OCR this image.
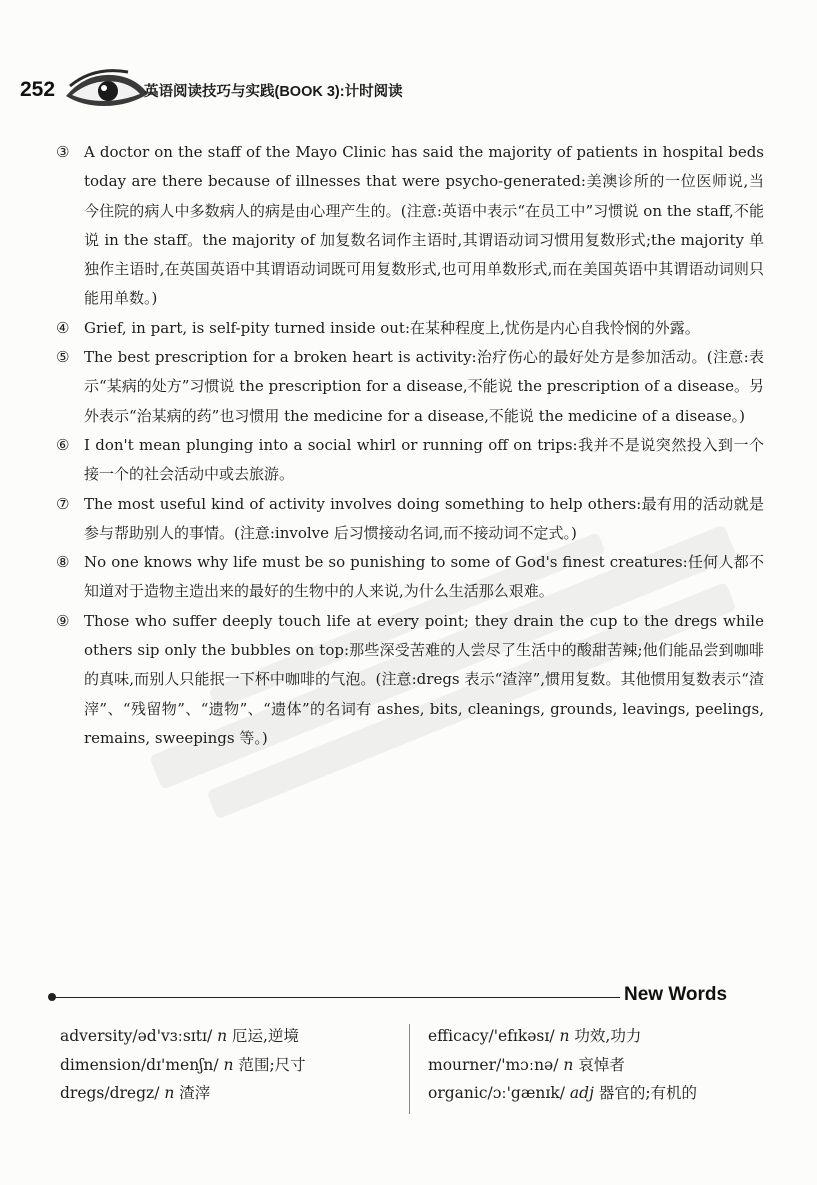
252	英语阅读技巧与实践(BOOK 3):计时阅读

③ A doctor on the staff of the Mayo Clinic has said the majority of patients in hospital beds today are there because of illnesses that were psycho-generated:美澳诊所的一位医师说,当今住院的病人中多数病人的病是由心理产生的。(注意:英语中表示“在员工中”习惯说 on the staff,不能说 in the staff。the majority of 加复数名词作主语时,其谓语动词习惯用复数形式;the majority 单独作主语时,在英国英语中其谓语动词既可用复数形式,也可用单数形式,而在美国英语中其谓语动词则只能用单数。)

④ Grief, in part, is self-pity turned inside out:在某种程度上,忧伤是内心自我怜悯的外露。

⑤ The best prescription for a broken heart is activity:治疗伤心的最好处方是参加活动。(注意:表示“某病的处方”习惯说 the prescription for a disease,不能说 the prescription of a disease。另外表示“治某病的药”也习惯用 the medicine for a disease,不能说 the medicine of a disease。)

⑥ I don't mean plunging into a social whirl or running off on trips:我并不是说突然投入到一个接一个的社会活动中或去旅游。

⑦ The most useful kind of activity involves doing something to help others:最有用的活动就是参与帮助别人的事情。(注意:involve 后习惯接动名词,而不接动词不定式。)

⑧ No one knows why life must be so punishing to some of God's finest creatures:任何人都不知道对于造物主造出来的最好的生物中的人来说,为什么生活那么艰难。

⑨ Those who suffer deeply touch life at every point; they drain the cup to the dregs while others sip only the bubbles on top:那些深受苦难的人尝尽了生活中的酸甜苦辣;他们能品尝到咖啡的真味,而别人只能抿一下杯中咖啡的气泡。(注意:dregs 表示“渣滓”,惯用复数。其他惯用复数表示“渣滓”、“残留物”、“遗物”、“遗体”的名词有 ashes, bits, cleanings, grounds, leavings, peelings, remains, sweepings 等。)

New Words
adversity/əd'vɜːsɪtɪ/ n 厄运,逆境
dimension/dɪ'menʃn/ n 范围;尺寸
dregs/dregz/ n 渣滓
efficacy/'efɪkəsɪ/ n 功效,功力
mourner/'mɔːnə/ n 哀悼者
organic/ɔː'gænɪk/ adj 器官的;有机的
